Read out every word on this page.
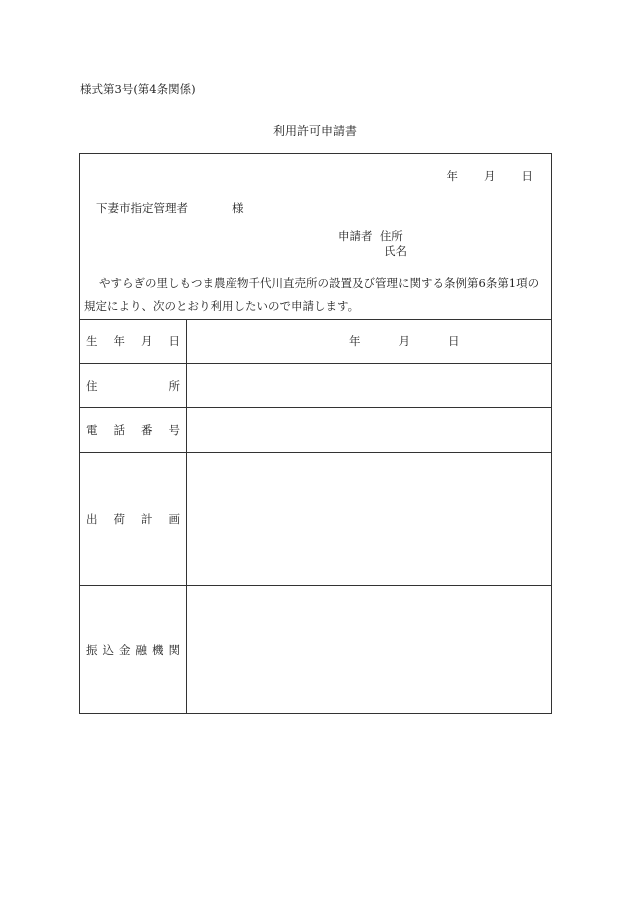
様式第3号(第4条関係)
利用許可申請書
年 月 日
下妻市指定管理者	様
申請者 住所
氏名
やすらぎの里しもつま農産物千代川直売所の設置及び管理に関する条例第6条第1項の
規定により、次のとおり利用したいので申請します。
生 年 月 日	年	月	日
住	所
電 話 番 号
出 荷 計 画
振 込 金 融 機 関
